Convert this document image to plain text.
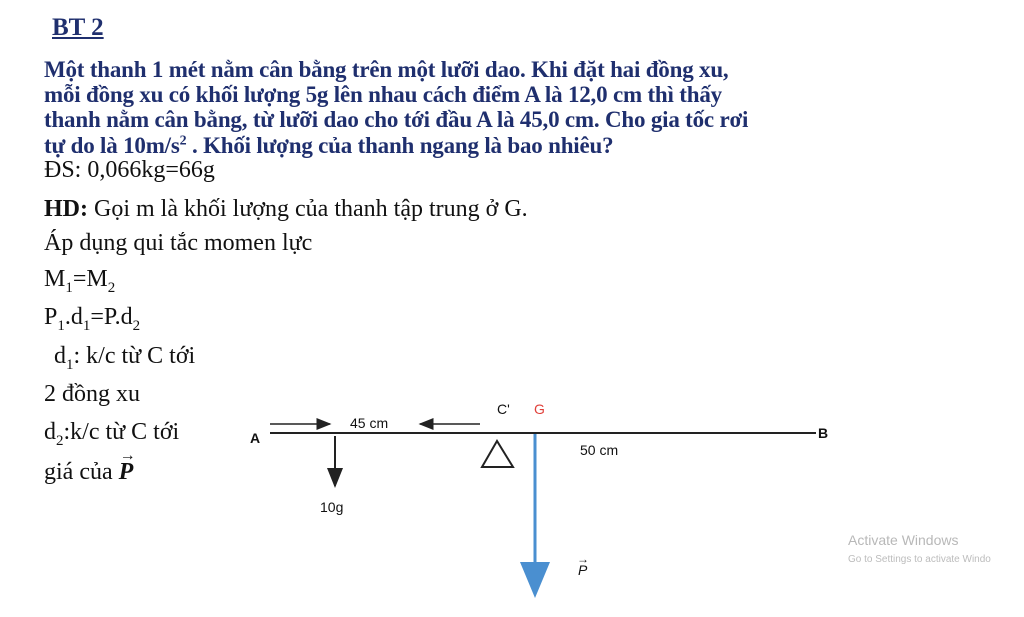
BT 2
Một thanh 1 mét nằm cân bằng trên một lưỡi dao. Khi đặt hai đồng xu,
mỗi đồng xu có khối lượng 5g lên nhau cách điểm A là 12,0 cm thì thấy
thanh nằm cân bằng, từ lưỡi dao cho tới đầu A là 45,0 cm. Cho gia tốc rơi
tự do là $10m/s^2$ . Khối lượng của thanh ngang là bao nhiêu?
ĐS: 0,066kg=66g
HD: Gọi m là khối lượng của thanh tập trung ở G.
Áp dụng qui tắc momen lực
$M_1=M_2$
$P_1.d_1=P.d_2$
$d_1$: k/c từ C tới
2 đồng xu
$d_2:k/c$ từ C tới
giá của
→
P
A	B
C' G
45 cm
50 cm
10g
P
→
Activate Windows
Go to Settings to activate Windo
